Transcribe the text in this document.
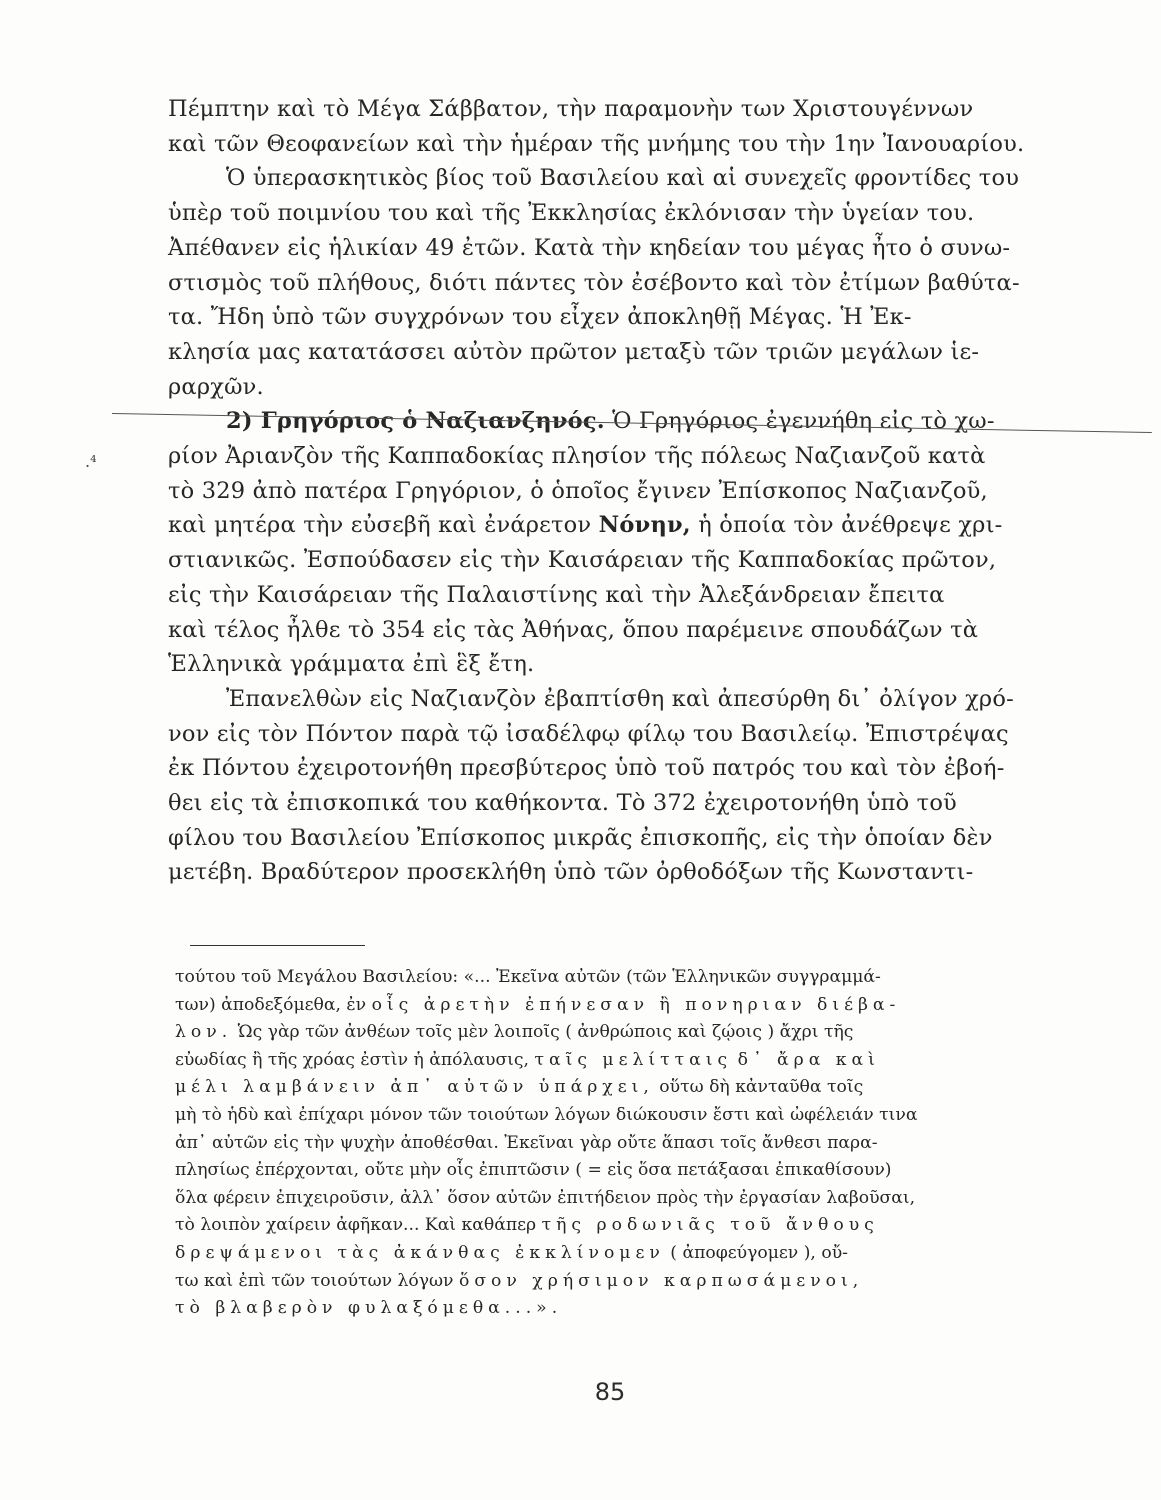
Πέμπτην καὶ τὸ Μέγα Σάββατον, τὴν παραμονὴν των Χριστουγέννων
καὶ τῶν Θεοφανείων καὶ τὴν ἡμέραν τῆς μνήμης του τὴν 1ην Ἰανουαρίου.
Ὁ ὑπερασκητικὸς βίος τοῦ Βασιλείου καὶ αἱ συνεχεῖς φροντίδες του
ὑπὲρ τοῦ ποιμνίου του καὶ τῆς Ἐκκλησίας ἐκλόνισαν τὴν ὑγείαν του.
Ἀπέθανεν εἰς ἡλικίαν 49 ἐτῶν. Κατὰ τὴν κηδείαν του μέγας ἦτο ὁ συνω-
στισμὸς τοῦ πλήθους, διότι πάντες τὸν ἐσέβοντο καὶ τὸν ἐτίμων βαθύτα-
τα. Ἤδη ὑπὸ τῶν συγχρόνων του εἶχεν ἀποκληθῇ Μέγας. Ἡ Ἐκ-
κλησία μας κατατάσσει αὐτὸν πρῶτον μεταξὺ τῶν τριῶν μεγάλων ἱε-
ραρχῶν.
2) Γρηγόριος ὁ Ναζιανζηνός. Ὁ Γρηγόριος ἐγεννήθη εἰς τὸ χω-
ρίον Ἀριανζὸν τῆς Καππαδοκίας πλησίον τῆς πόλεως Ναζιανζοῦ κατὰ
τὸ 329 ἀπὸ πατέρα Γρηγόριον, ὁ ὁποῖος ἔγινεν Ἐπίσκοπος Ναζιανζοῦ,
καὶ μητέρα τὴν εὐσεβῆ καὶ ἐνάρετον Νόνην, ἡ ὁποία τὸν ἀνέθρεψε χρι-
στιανικῶς. Ἐσπούδασεν εἰς τὴν Καισάρειαν τῆς Καππαδοκίας πρῶτον,
εἰς τὴν Καισάρειαν τῆς Παλαιστίνης καὶ τὴν Ἀλεξάνδρειαν ἔπειτα
καὶ τέλος ἦλθε τὸ 354 εἰς τὰς Ἀθήνας, ὅπου παρέμεινε σπουδάζων τὰ
Ἑλληνικὰ γράμματα ἐπὶ ἓξ ἔτη.
Ἐπανελθὼν εἰς Ναζιανζὸν ἐβαπτίσθη καὶ ἀπεσύρθη δι᾽ ὀλίγον χρό-
νον εἰς τὸν Πόντον παρὰ τῷ ἰσαδέλφῳ φίλῳ του Βασιλείῳ. Ἐπιστρέψας
ἐκ Πόντου ἐχειροτονήθη πρεσβύτερος ὑπὸ τοῦ πατρός του καὶ τὸν ἐβοή-
θει εἰς τὰ ἐπισκοπικά του καθήκοντα. Τὸ 372 ἐχειροτονήθη ὑπὸ τοῦ
φίλου του Βασιλείου Ἐπίσκοπος μικρᾶς ἐπισκοπῆς, εἰς τὴν ὁποίαν δὲν
μετέβη. Βραδύτερον προσεκλήθη ὑπὸ τῶν ὀρθοδόξων τῆς Κωνσταντι-
.⁴
τούτου τοῦ Μεγάλου Βασιλείου: «... Ἐκεῖνα αὐτῶν (τῶν Ἑλληνικῶν συγγραμμά-
των) ἀποδεξόμεθα, ἐν οἷς ἀρετὴν ἐπήνεσαν ἢ πονηριαν διέβα-
λον. Ὡς γὰρ τῶν ἀνθέων τοῖς μὲν λοιποῖς ( ἀνθρώποις καὶ ζῴοις ) ἄχρι τῆς
εὐωδίας ἢ τῆς χρόας ἐστὶν ἡ ἀπόλαυσις, ταῖς μελίτταις δ᾽ ἄρα καὶ
μέλι λαμβάνειν ἀπ᾽ αὐτῶν ὑπάρχει, οὕτω δὴ κἀνταῦθα τοῖς
μὴ τὸ ἡδὺ καὶ ἐπίχαρι μόνον τῶν τοιούτων λόγων διώκουσιν ἔστι καὶ ὠφέλειάν τινα
ἀπ᾽ αὐτῶν εἰς τὴν ψυχὴν ἀποθέσθαι. Ἐκεῖναι γὰρ οὔτε ἅπασι τοῖς ἄνθεσι παρα-
πλησίως ἐπέρχονται, οὔτε μὴν οἷς ἐπιπτῶσιν ( = εἰς ὅσα πετάξασαι ἐπικαθίσουν)
ὅλα φέρειν ἐπιχειροῦσιν, ἀλλ᾽ ὅσον αὐτῶν ἐπιτήδειον πρὸς τὴν ἐργασίαν λαβοῦσαι,
τὸ λοιπὸν χαίρειν ἀφῆκαν... Καὶ καθάπερ τῆς ροδωνιᾶς τοῦ ἄνθους
δρεψάμενοι τὰς ἀκάνθας ἐκκλίνομεν ( ἀποφεύγομεν ), οὔ-
τω καὶ ἐπὶ τῶν τοιούτων λόγων ὅσον χρήσιμον καρπωσάμενοι,
τὸ βλαβερὸν φυλαξόμεθα...».
85
